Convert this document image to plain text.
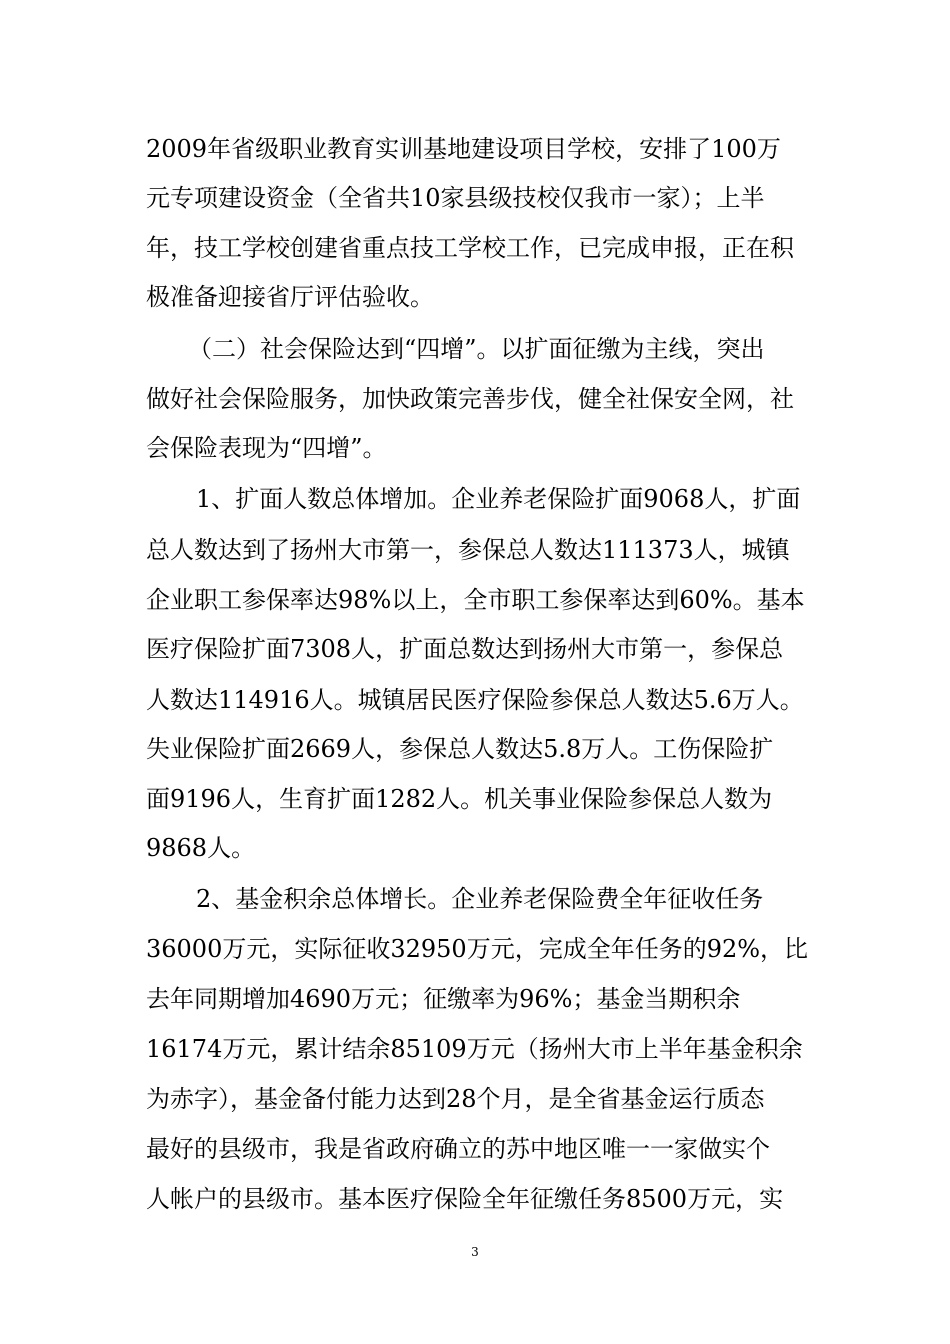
2009年省级职业教育实训基地建设项目学校，安排了100万
元专项建设资金（全省共10家县级技校仅我市一家）；上半
年，技工学校创建省重点技工学校工作，已完成申报，正在积
极准备迎接省厅评估验收。
（二）社会保险达到“四增”。以扩面征缴为主线，突出
做好社会保险服务，加快政策完善步伐，健全社保安全网，社
会保险表现为“四增”。
1、扩面人数总体增加。企业养老保险扩面9068人，扩面
总人数达到了扬州大市第一，参保总人数达111373人，城镇
企业职工参保率达98%以上，全市职工参保率达到60%。基本
医疗保险扩面7308人，扩面总数达到扬州大市第一，参保总
人数达114916人。城镇居民医疗保险参保总人数达5.6万人。
失业保险扩面2669人，参保总人数达5.8万人。工伤保险扩
面9196人，生育扩面1282人。机关事业保险参保总人数为
9868人。
2、基金积余总体增长。企业养老保险费全年征收任务
36000万元，实际征收32950万元，完成全年任务的92%，比
去年同期增加4690万元；征缴率为96%；基金当期积余
16174万元，累计结余85109万元（扬州大市上半年基金积余
为赤字），基金备付能力达到28个月，是全省基金运行质态
最好的县级市，我是省政府确立的苏中地区唯一一家做实个
人帐户的县级市。基本医疗保险全年征缴任务8500万元，实
3
